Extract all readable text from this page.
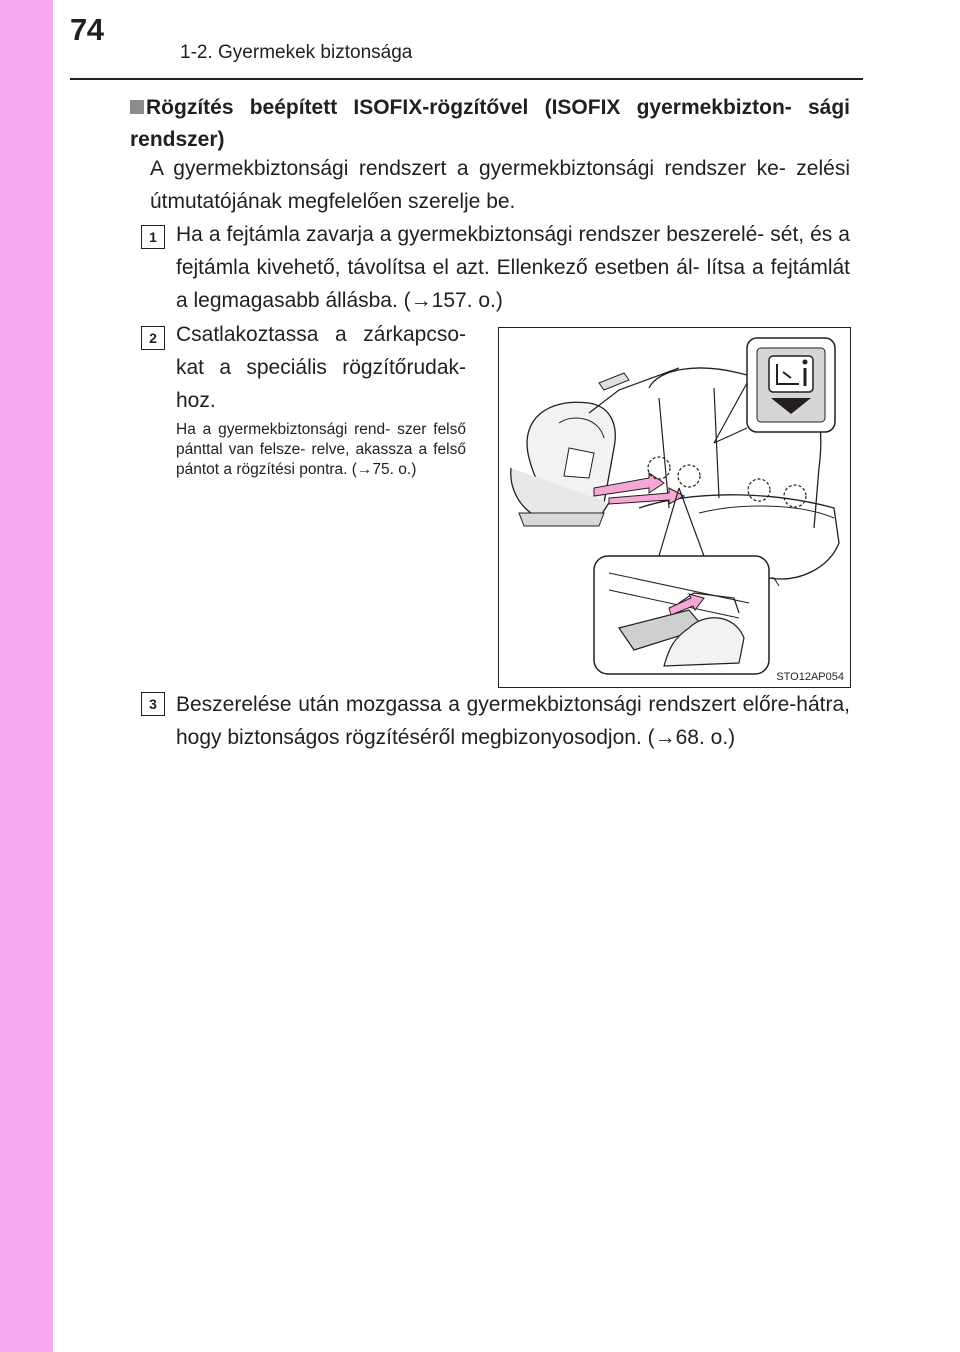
74
1-2. Gyermekek biztonsága
Rögzítés beépített ISOFIX-rögzítővel (ISOFIX gyermekbizton- sági rendszer)
A gyermekbiztonsági rendszert a gyermekbiztonsági rendszer ke- zelési útmutatójának megfelelően szerelje be.
1 Ha a fejtámla zavarja a gyermekbiztonsági rendszer beszerelé- sét, és a fejtámla kivehető, távolítsa el azt. Ellenkező esetben ál- lítsa a fejtámlát a legmagasabb állásba. (→157. o.)
2 Csatlakoztassa a zárkapcso- kat a speciális rögzítőrudak- hoz.
Ha a gyermekbiztonsági rend- szer felső pánttal van felsze- relve, akassza a felső pántot a rögzítési pontra. (→75. o.)
STO12AP054
3 Beszerelése után mozgassa a gyermekbiztonsági rendszert előre-hátra, hogy biztonságos rögzítéséről megbizonyosodjon. (→68. o.)
